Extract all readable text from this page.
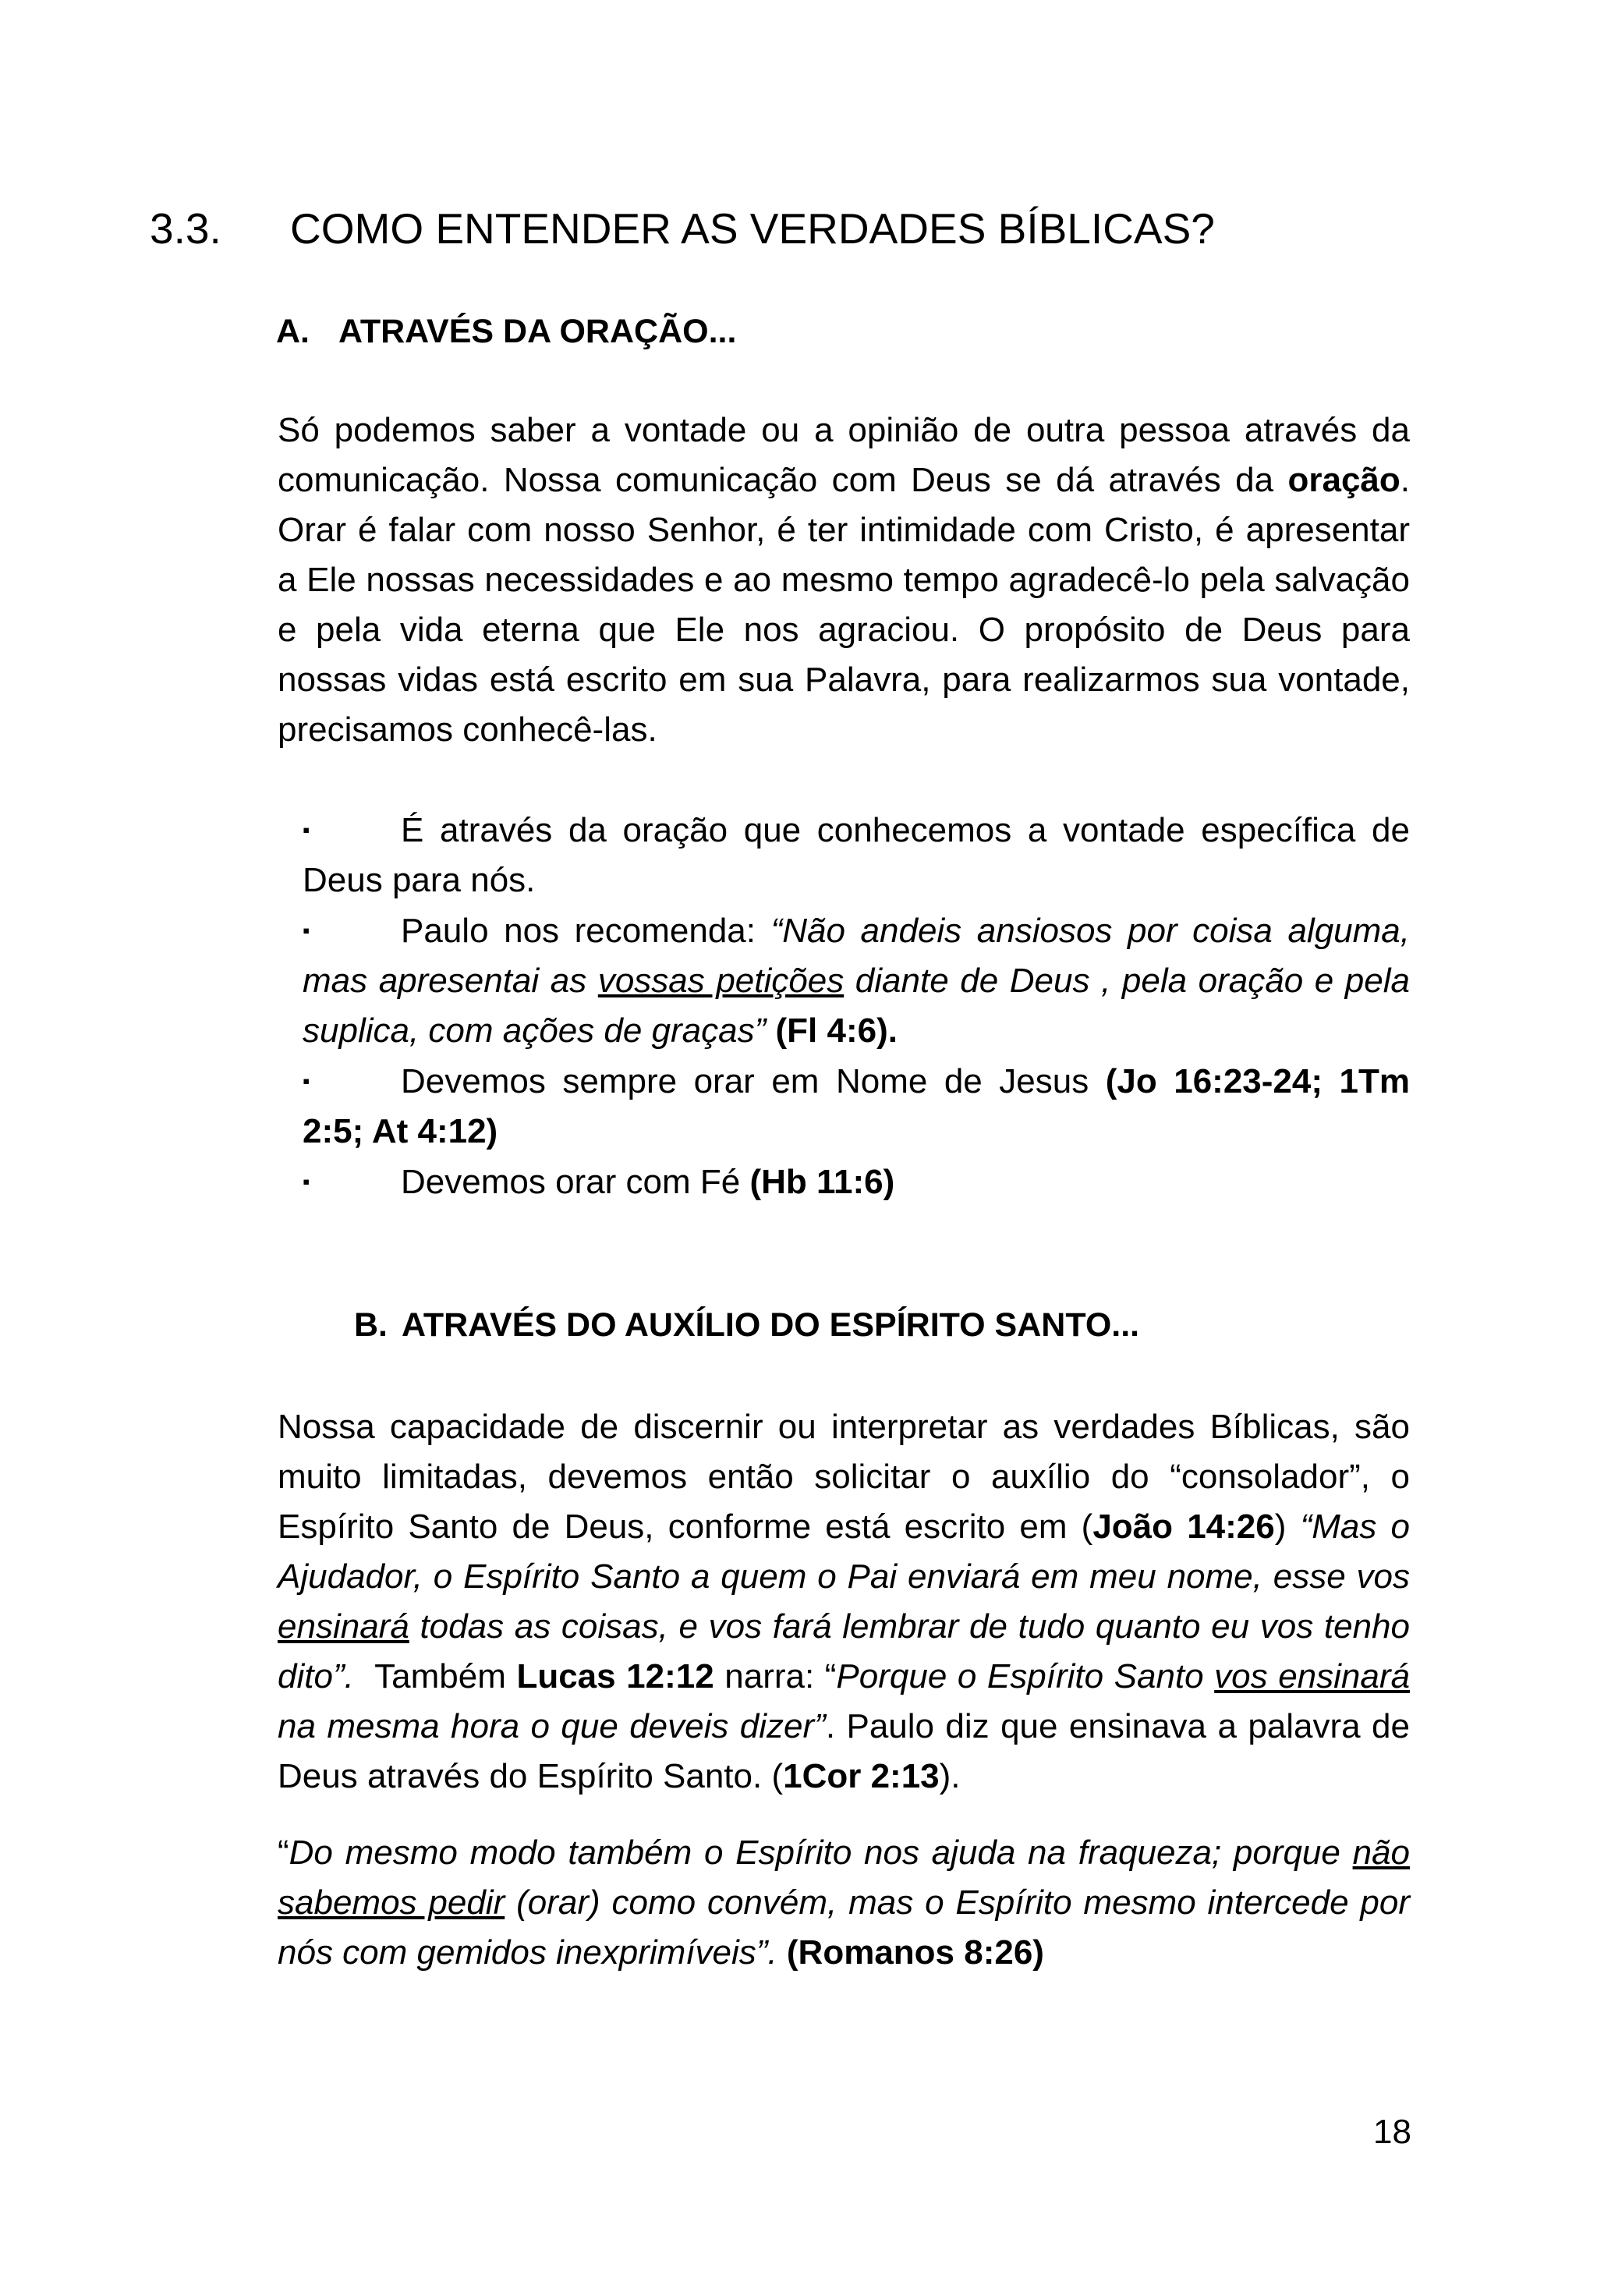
3.3. COMO ENTENDER AS VERDADES BÍBLICAS?
A. ATRAVÉS DA ORAÇÃO...

Só podemos saber a vontade ou a opinião de outra pessoa através da comunicação. Nossa comunicação com Deus se dá através da oração. Orar é falar com nosso Senhor, é ter intimidade com Cristo, é apresentar a Ele nossas necessidades e ao mesmo tempo agradecê-lo pela salvação e pela vida eterna que Ele nos agraciou. O propósito de Deus para nossas vidas está escrito em sua Palavra, para realizarmos sua vontade, precisamos conhecê-las.

▪	É através da oração que conhecemos a vontade específica de Deus para nós.
▪	Paulo nos recomenda: “Não andeis ansiosos por coisa alguma, mas apresentai as vossas petições diante de Deus , pela oração e pela suplica, com ações de graças” (Fl 4:6).
▪	Devemos sempre orar em Nome de Jesus (Jo 16:23-24; 1Tm 2:5; At 4:12)
▪	Devemos orar com Fé (Hb 11:6)
B. ATRAVÉS DO AUXÍLIO DO ESPÍRITO SANTO...

Nossa capacidade de discernir ou interpretar as verdades Bíblicas, são muito limitadas, devemos então solicitar o auxílio do “consolador”, o Espírito Santo de Deus, conforme está escrito em (João 14:26) “Mas o Ajudador, o Espírito Santo a quem o Pai enviará em meu nome, esse vos ensinará todas as coisas, e vos fará lembrar de tudo quanto eu vos tenho dito”.  Também Lucas 12:12 narra: “Porque o Espírito Santo vos ensinará na mesma hora o que deveis dizer”. Paulo diz que ensinava a palavra de Deus através do Espírito Santo. (1Cor 2:13).

“Do mesmo modo também o Espírito nos ajuda na fraqueza; porque não sabemos pedir (orar) como convém, mas o Espírito mesmo intercede por nós com gemidos inexprimíveis”. (Romanos 8:26)

18
